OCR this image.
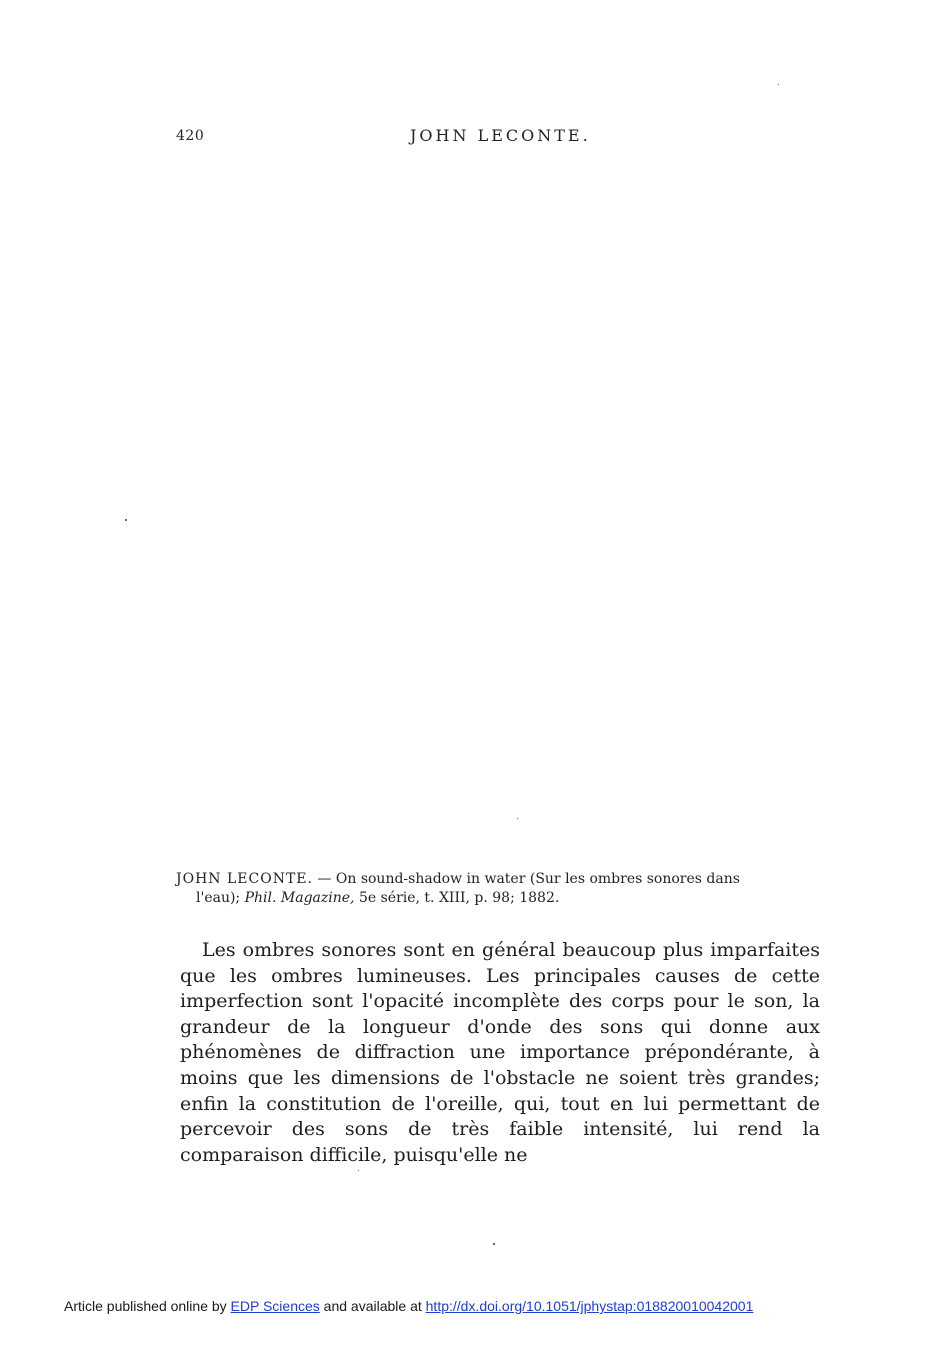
420	JOHN LECONTE.
JOHN LECONTE. — On sound-shadow in water (Sur les ombres sonores dans
l'eau); Phil. Magazine, 5e série, t. XIII, p. 98; 1882.

Les ombres sonores sont en général beaucoup plus imparfaites que les ombres lumineuses. Les principales causes de cette imperfection sont l'opacité incomplète des corps pour le son, la grandeur de la longueur d'onde des sons qui donne aux phénomènes de diffraction une importance prépondérante, à moins que les dimensions de l'obstacle ne soient très grandes; enfin la constitution de l'oreille, qui, tout en lui permettant de percevoir des sons de très faible intensité, lui rend la comparaison difficile, puisqu'elle ne

Article published online by EDP Sciences and available at http://dx.doi.org/10.1051/jphystap:018820010042001
